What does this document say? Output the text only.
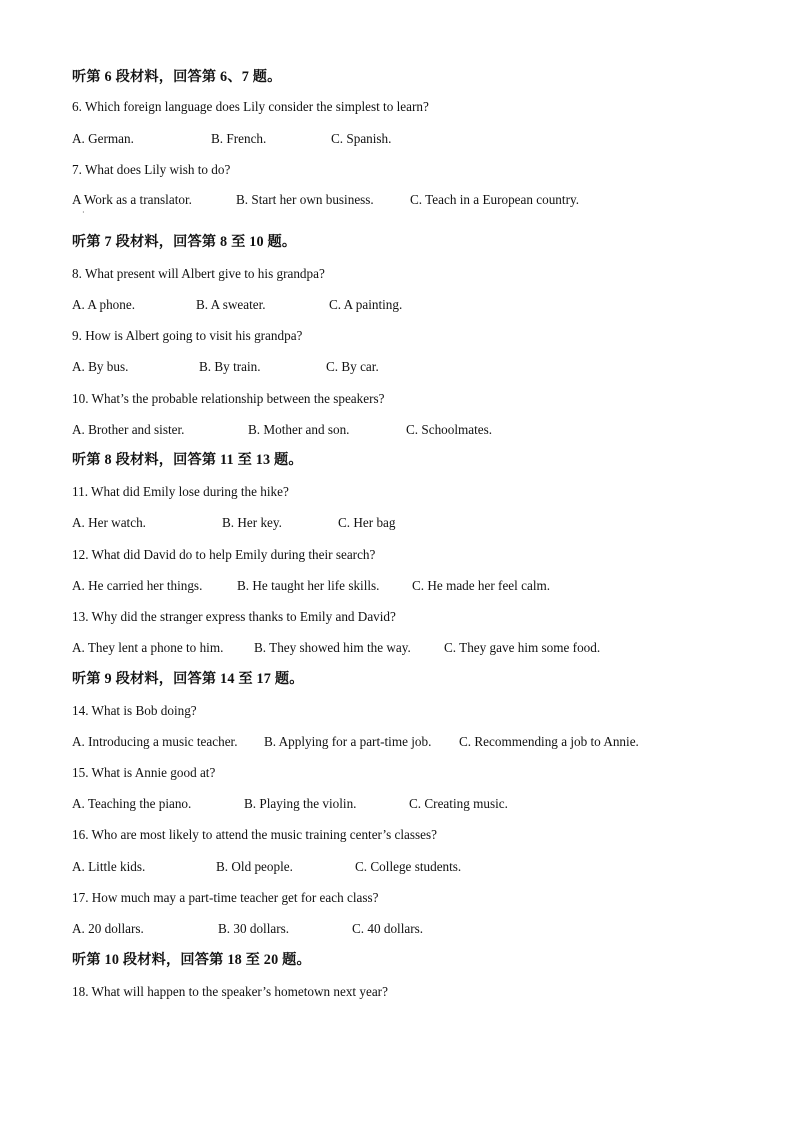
听第 6 段材料，回答第 6、7 题。
6. Which foreign language does Lily consider the simplest to learn?
A. German.	B. French.	C. Spanish.
7. What does Lily wish to do?
A Work as a translator.	B. Start her own business.	C. Teach in a European country.
·
听第 7 段材料，回答第 8 至 10 题。
8. What present will Albert give to his grandpa?
A. A phone.	B. A sweater.	C. A painting.
9. How is Albert going to visit his grandpa?
A. By bus.	B. By train.	C. By car.
10. What’s the probable relationship between the speakers?
A. Brother and sister.	B. Mother and son.	C. Schoolmates.
听第 8 段材料，回答第 11 至 13 题。
11. What did Emily lose during the hike?
A. Her watch.	B. Her key.	C. Her bag
12. What did David do to help Emily during their search?
A. He carried her things.	B. He taught her life skills. C. He made her feel calm.
13. Why did the stranger express thanks to Emily and David?
A. They lent a phone to him. B. They showed him the way.	C. They gave him some food.
听第 9 段材料，回答第 14 至 17 题。
14. What is Bob doing?
A. Introducing a music teacher. B. Applying for a part-time job. C. Recommending a job to Annie.
15. What is Annie good at?
A. Teaching the piano.	B. Playing the violin.	C. Creating music.
16. Who are most likely to attend the music training center’s classes?
A. Little kids.	B. Old people.	C. College students.
17. How much may a part-time teacher get for each class?
A. 20 dollars.	B. 30 dollars.	C. 40 dollars.
听第 10 段材料，回答第 18 至 20 题。
18. What will happen to the speaker’s hometown next year?
